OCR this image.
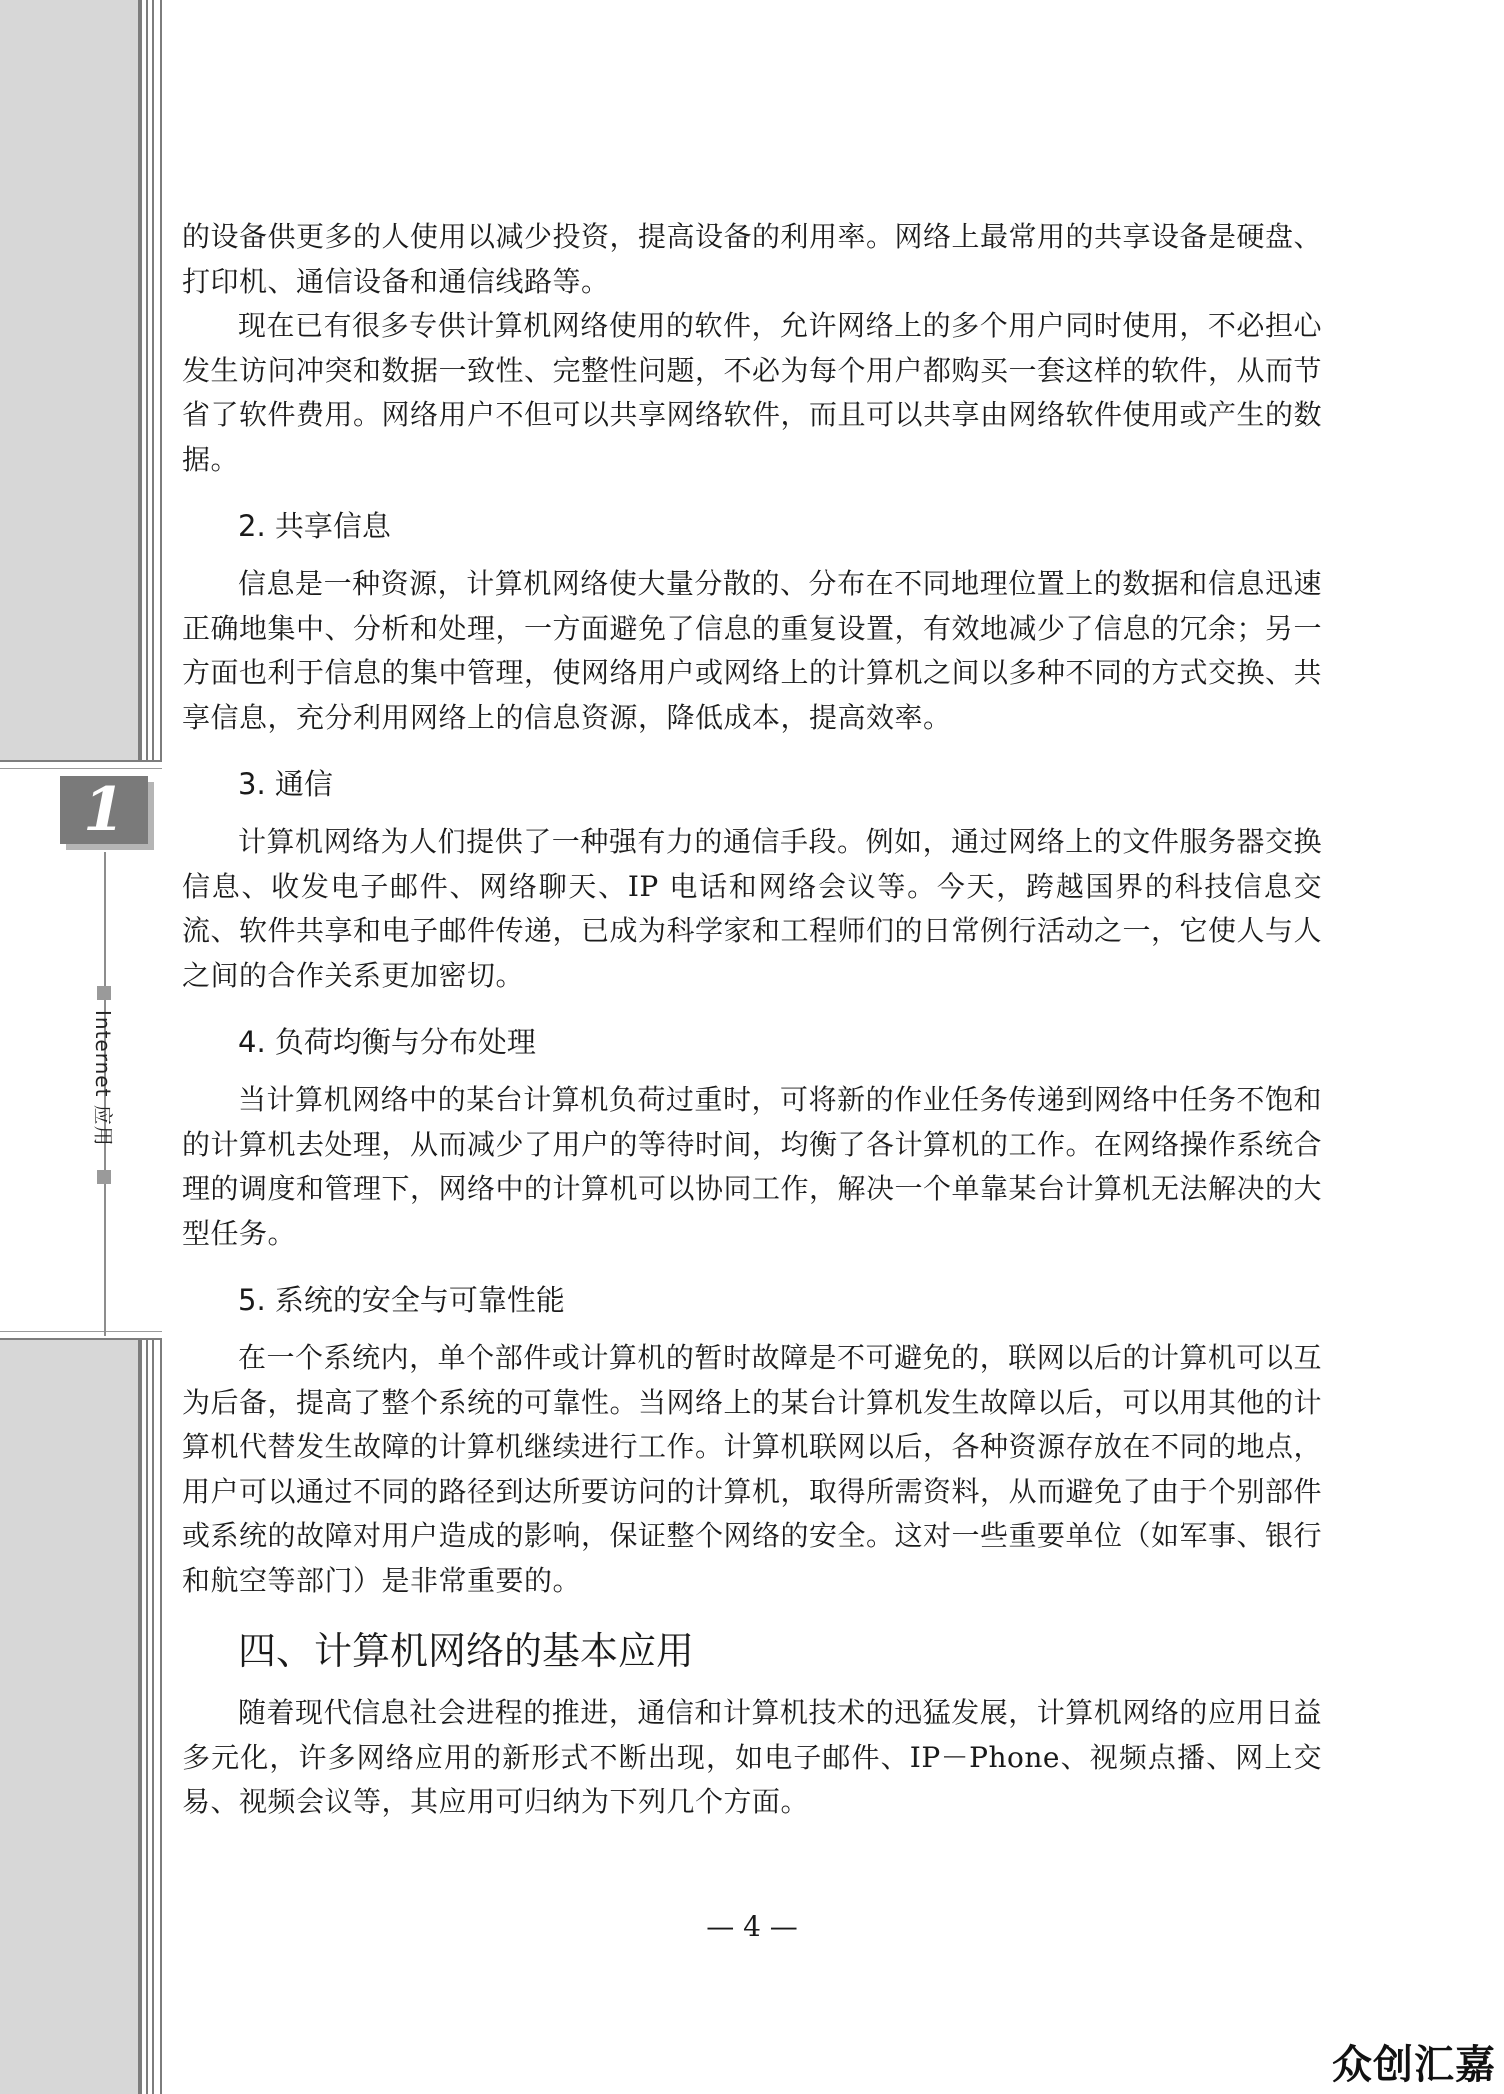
1
Internet 应用

的设备供更多的人使用以减少投资，提高设备的利用率。网络上最常用的共享设备是硬盘、打印机、通信设备和通信线路等。

现在已有很多专供计算机网络使用的软件，允许网络上的多个用户同时使用，不必担心发生访问冲突和数据一致性、完整性问题，不必为每个用户都购买一套这样的软件，从而节省了软件费用。网络用户不但可以共享网络软件，而且可以共享由网络软件使用或产生的数据。

2. 共享信息

信息是一种资源，计算机网络使大量分散的、分布在不同地理位置上的数据和信息迅速正确地集中、分析和处理，一方面避免了信息的重复设置，有效地减少了信息的冗余；另一方面也利于信息的集中管理，使网络用户或网络上的计算机之间以多种不同的方式交换、共享信息，充分利用网络上的信息资源，降低成本，提高效率。

3. 通信

计算机网络为人们提供了一种强有力的通信手段。例如，通过网络上的文件服务器交换信息、收发电子邮件、网络聊天、IP 电话和网络会议等。今天，跨越国界的科技信息交流、软件共享和电子邮件传递，已成为科学家和工程师们的日常例行活动之一，它使人与人之间的合作关系更加密切。

4. 负荷均衡与分布处理

当计算机网络中的某台计算机负荷过重时，可将新的作业任务传递到网络中任务不饱和的计算机去处理，从而减少了用户的等待时间，均衡了各计算机的工作。在网络操作系统合理的调度和管理下，网络中的计算机可以协同工作，解决一个单靠某台计算机无法解决的大型任务。

5. 系统的安全与可靠性能

在一个系统内，单个部件或计算机的暂时故障是不可避免的，联网以后的计算机可以互为后备，提高了整个系统的可靠性。当网络上的某台计算机发生故障以后，可以用其他的计算机代替发生故障的计算机继续进行工作。计算机联网以后，各种资源存放在不同的地点，用户可以通过不同的路径到达所要访问的计算机，取得所需资料，从而避免了由于个别部件或系统的故障对用户造成的影响，保证整个网络的安全。这对一些重要单位（如军事、银行和航空等部门）是非常重要的。

四、计算机网络的基本应用

随着现代信息社会进程的推进，通信和计算机技术的迅猛发展，计算机网络的应用日益多元化，许多网络应用的新形式不断出现，如电子邮件、IP－Phone、视频点播、网上交易、视频会议等，其应用可归纳为下列几个方面。

— 4 —
众创汇嘉
